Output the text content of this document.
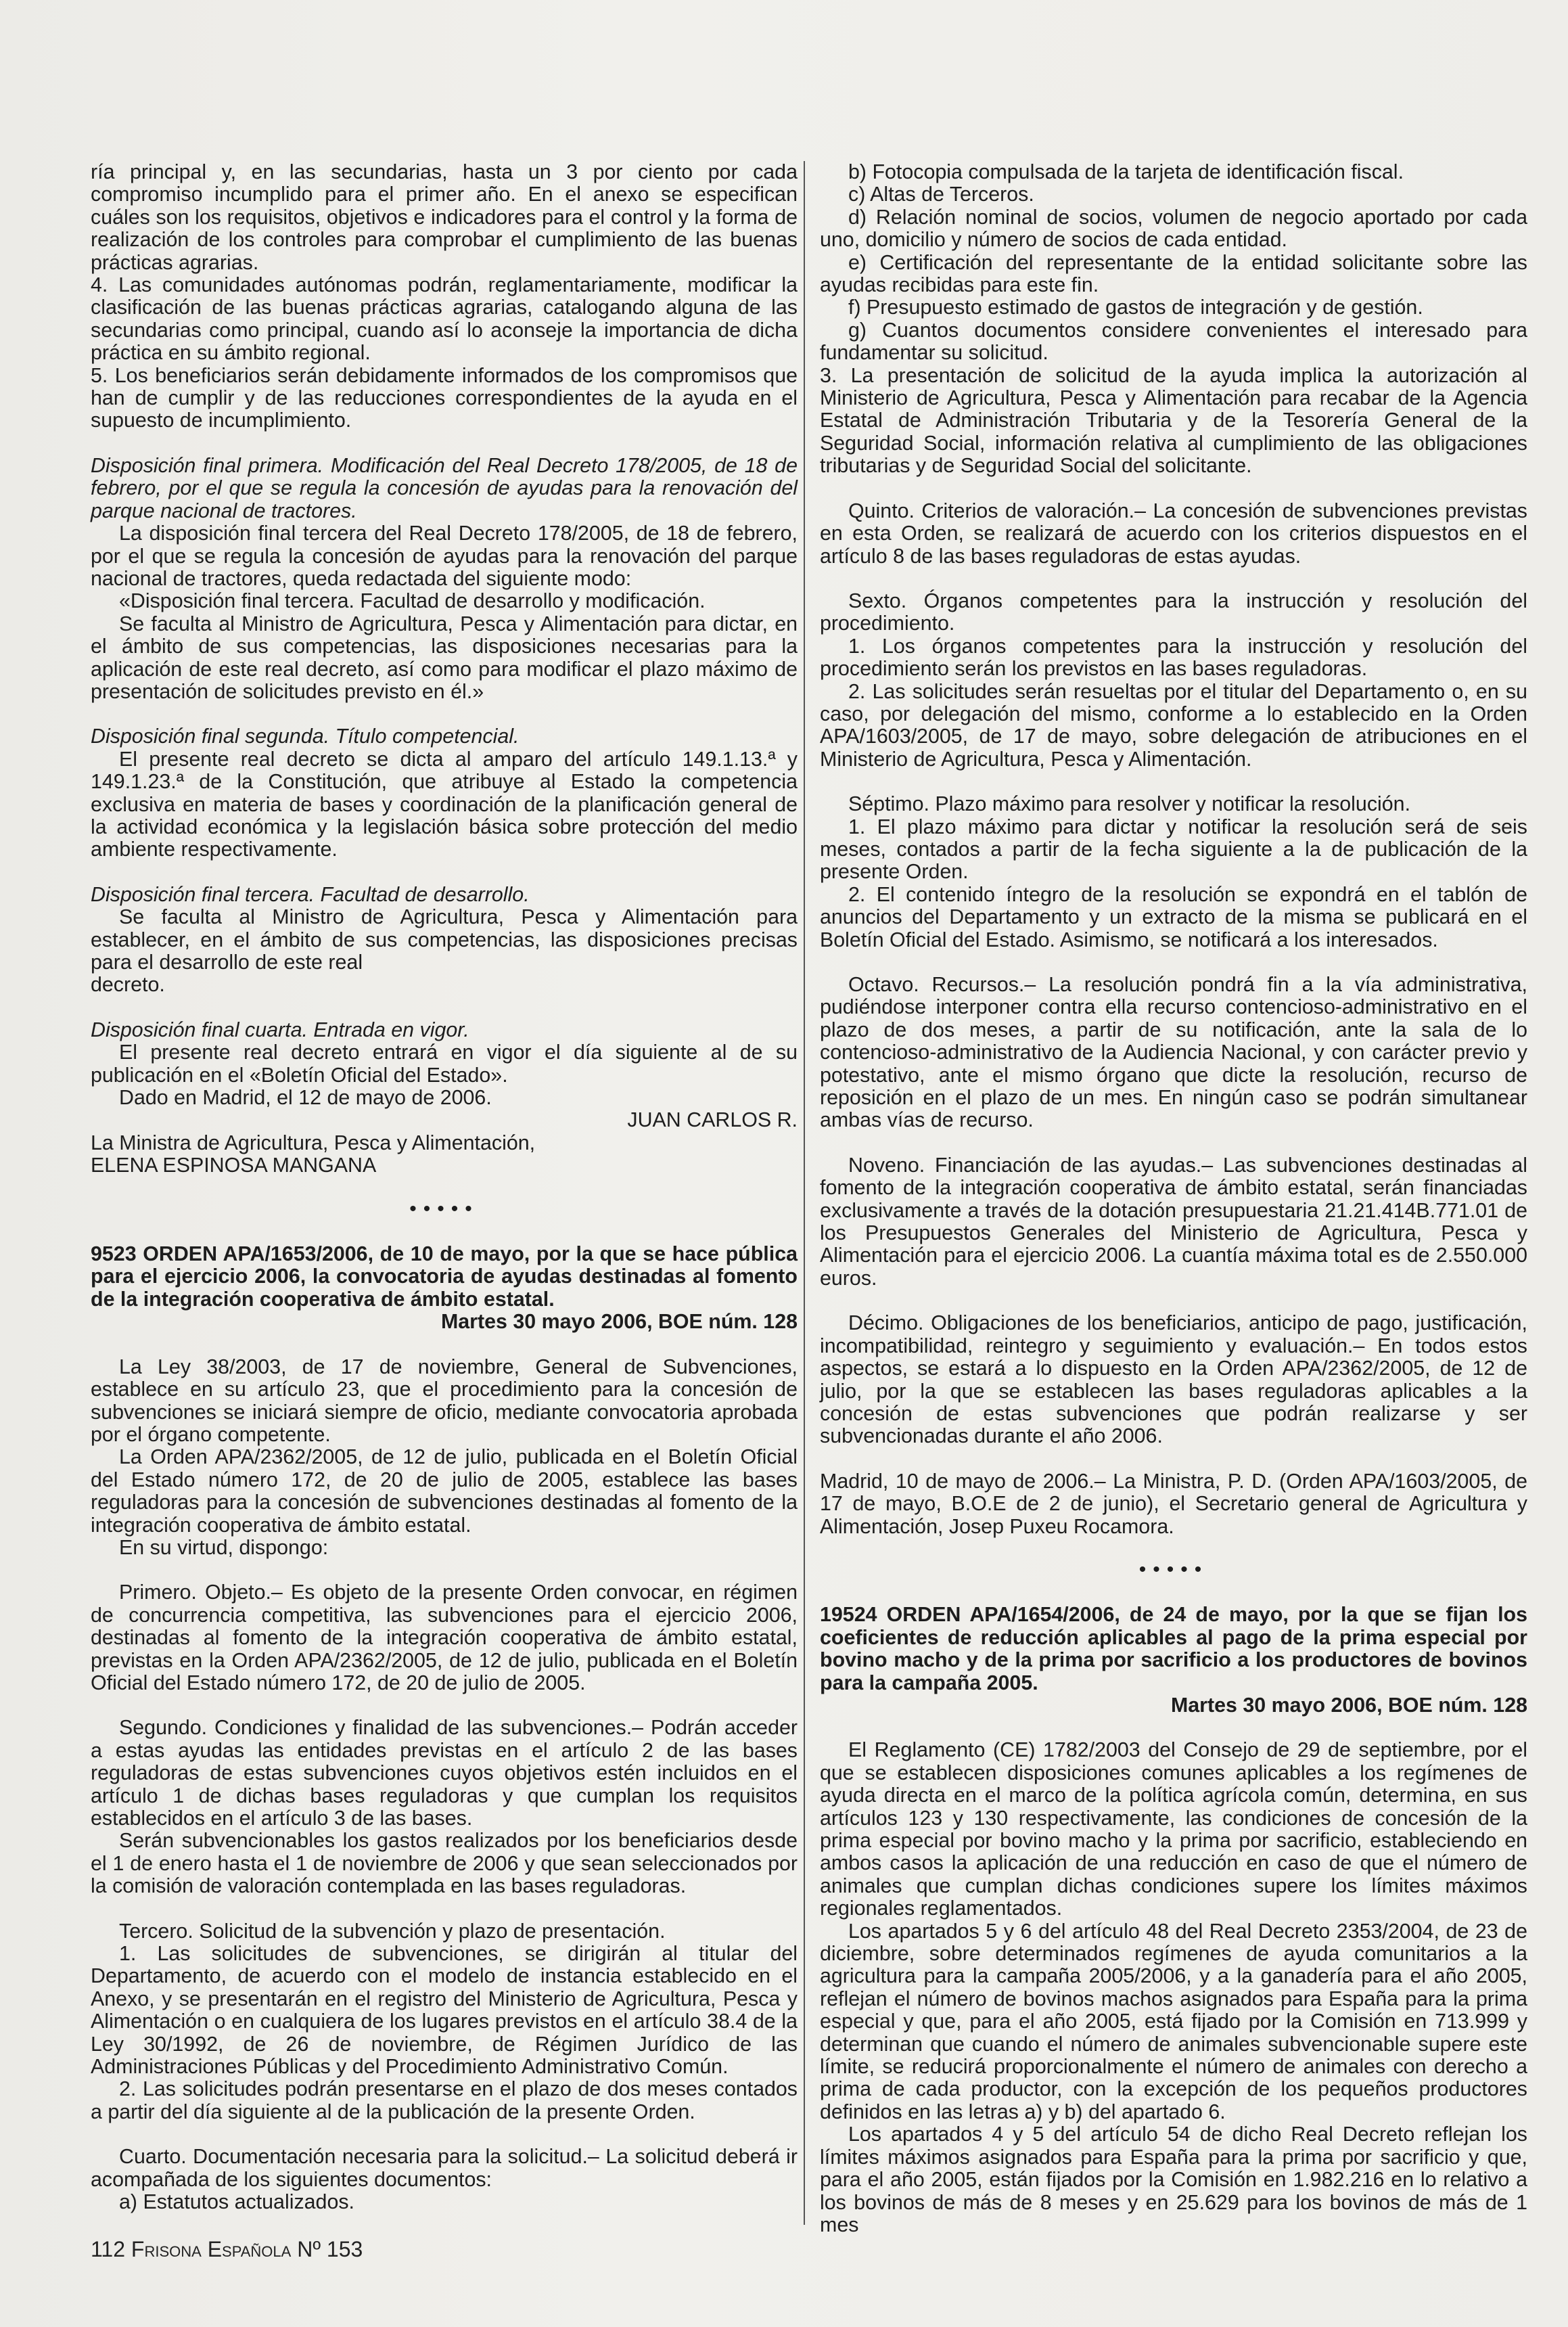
ría principal y, en las secundarias, hasta un 3 por ciento por cada compromiso incumplido para el primer año. En el anexo se especifican cuáles son los requisitos, objetivos e indicadores para el control y la forma de realización de los controles para comprobar el cumplimiento de las buenas prácticas agrarias.

4. Las comunidades autónomas podrán, reglamentariamente, modificar la clasificación de las buenas prácticas agrarias, catalogando alguna de las secundarias como principal, cuando así lo aconseje la importancia de dicha práctica en su ámbito regional.

5. Los beneficiarios serán debidamente informados de los compromisos que han de cumplir y de las reducciones correspondientes de la ayuda en el supuesto de incumplimiento.

Disposición final primera. Modificación del Real Decreto 178/2005, de 18 de febrero, por el que se regula la concesión de ayudas para la renovación del parque nacional de tractores.

La disposición final tercera del Real Decreto 178/2005, de 18 de febrero, por el que se regula la concesión de ayudas para la renovación del parque nacional de tractores, queda redactada del siguiente modo:

«Disposición final tercera. Facultad de desarrollo y modificación.

Se faculta al Ministro de Agricultura, Pesca y Alimentación para dictar, en el ámbito de sus competencias, las disposiciones necesarias para la aplicación de este real decreto, así como para modificar el plazo máximo de presentación de solicitudes previsto en él.»

Disposición final segunda. Título competencial.

El presente real decreto se dicta al amparo del artículo 149.1.13.ª y 149.1.23.ª de la Constitución, que atribuye al Estado la competencia exclusiva en materia de bases y coordinación de la planificación general de la actividad económica y la legislación básica sobre protección del medio ambiente respectivamente.

Disposición final tercera. Facultad de desarrollo.

Se faculta al Ministro de Agricultura, Pesca y Alimentación para establecer, en el ámbito de sus competencias, las disposiciones precisas para el desarrollo de este real

decreto.

Disposición final cuarta. Entrada en vigor.

El presente real decreto entrará en vigor el día siguiente al de su publicación en el «Boletín Oficial del Estado».

Dado en Madrid, el 12 de mayo de 2006.

JUAN CARLOS R.

La Ministra de Agricultura, Pesca y Alimentación,

ELENA ESPINOSA MANGANA

•••••

9523 ORDEN APA/1653/2006, de 10 de mayo, por la que se hace pública para el ejercicio 2006, la convocatoria de ayudas destinadas al fomento de la integración cooperativa de ámbito estatal.

Martes 30 mayo 2006, BOE núm. 128

La Ley 38/2003, de 17 de noviembre, General de Subvenciones, establece en su artículo 23, que el procedimiento para la concesión de subvenciones se iniciará siempre de oficio, mediante convocatoria aprobada por el órgano competente.

La Orden APA/2362/2005, de 12 de julio, publicada en el Boletín Oficial del Estado número 172, de 20 de julio de 2005, establece las bases reguladoras para la concesión de subvenciones destinadas al fomento de la integración cooperativa de ámbito estatal.

En su virtud, dispongo:

Primero. Objeto.– Es objeto de la presente Orden convocar, en régimen de concurrencia competitiva, las subvenciones para el ejercicio 2006, destinadas al fomento de la integración cooperativa de ámbito estatal, previstas en la Orden APA/2362/2005, de 12 de julio, publicada en el Boletín Oficial del Estado número 172, de 20 de julio de 2005.

Segundo. Condiciones y finalidad de las subvenciones.– Podrán acceder a estas ayudas las entidades previstas en el artículo 2 de las bases reguladoras de estas subvenciones cuyos objetivos estén incluidos en el artículo 1 de dichas bases reguladoras y que cumplan los requisitos establecidos en el artículo 3 de las bases.

Serán subvencionables los gastos realizados por los beneficiarios desde el 1 de enero hasta el 1 de noviembre de 2006 y que sean seleccionados por la comisión de valoración contemplada en las bases reguladoras.

Tercero. Solicitud de la subvención y plazo de presentación.

1. Las solicitudes de subvenciones, se dirigirán al titular del Departamento, de acuerdo con el modelo de instancia establecido en el Anexo, y se presentarán en el registro del Ministerio de Agricultura, Pesca y Alimentación o en cualquiera de los lugares previstos en el artículo 38.4 de la Ley 30/1992, de 26 de noviembre, de Régimen Jurídico de las Administraciones Públicas y del Procedimiento Administrativo Común.

2. Las solicitudes podrán presentarse en el plazo de dos meses contados a partir del día siguiente al de la publicación de la presente Orden.

Cuarto. Documentación necesaria para la solicitud.– La solicitud deberá ir acompañada de los siguientes documentos:

a) Estatutos actualizados.

b) Fotocopia compulsada de la tarjeta de identificación fiscal.

c) Altas de Terceros.

d) Relación nominal de socios, volumen de negocio aportado por cada uno, domicilio y número de socios de cada entidad.

e) Certificación del representante de la entidad solicitante sobre las ayudas recibidas para este fin.

f) Presupuesto estimado de gastos de integración y de gestión.

g) Cuantos documentos considere convenientes el interesado para fundamentar su solicitud.

3. La presentación de solicitud de la ayuda implica la autorización al Ministerio de Agricultura, Pesca y Alimentación para recabar de la Agencia Estatal de Administración Tributaria y de la Tesorería General de la Seguridad Social, información relativa al cumplimiento de las obligaciones tributarias y de Seguridad Social del solicitante.

Quinto. Criterios de valoración.– La concesión de subvenciones previstas en esta Orden, se realizará de acuerdo con los criterios dispuestos en el artículo 8 de las bases reguladoras de estas ayudas.

Sexto. Órganos competentes para la instrucción y resolución del procedimiento.

1. Los órganos competentes para la instrucción y resolución del procedimiento serán los previstos en las bases reguladoras.

2. Las solicitudes serán resueltas por el titular del Departamento o, en su caso, por delegación del mismo, conforme a lo establecido en la Orden APA/1603/2005, de 17 de mayo, sobre delegación de atribuciones en el Ministerio de Agricultura, Pesca y Alimentación.

Séptimo. Plazo máximo para resolver y notificar la resolución.

1. El plazo máximo para dictar y notificar la resolución será de seis meses, contados a partir de la fecha siguiente a la de publicación de la presente Orden.

2. El contenido íntegro de la resolución se expondrá en el tablón de anuncios del Departamento y un extracto de la misma se publicará en el Boletín Oficial del Estado. Asimismo, se notificará a los interesados.

Octavo. Recursos.– La resolución pondrá fin a la vía administrativa, pudiéndose interponer contra ella recurso contencioso-administrativo en el plazo de dos meses, a partir de su notificación, ante la sala de lo contencioso-administrativo de la Audiencia Nacional, y con carácter previo y potestativo, ante el mismo órgano que dicte la resolución, recurso de reposición en el plazo de un mes. En ningún caso se podrán simultanear ambas vías de recurso.

Noveno. Financiación de las ayudas.– Las subvenciones destinadas al fomento de la integración cooperativa de ámbito estatal, serán financiadas exclusivamente a través de la dotación presupuestaria 21.21.414B.771.01 de los Presupuestos Generales del Ministerio de Agricultura, Pesca y Alimentación para el ejercicio 2006. La cuantía máxima total es de 2.550.000 euros.

Décimo. Obligaciones de los beneficiarios, anticipo de pago, justificación, incompatibilidad, reintegro y seguimiento y evaluación.– En todos estos aspectos, se estará a lo dispuesto en la Orden APA/2362/2005, de 12 de julio, por la que se establecen las bases reguladoras aplicables a la concesión de estas subvenciones que podrán realizarse y ser subvencionadas durante el año 2006.

Madrid, 10 de mayo de 2006.– La Ministra, P. D. (Orden APA/1603/2005, de 17 de mayo, B.O.E de 2 de junio), el Secretario general de Agricultura y Alimentación, Josep Puxeu Rocamora.

•••••

19524 ORDEN APA/1654/2006, de 24 de mayo, por la que se fijan los coeficientes de reducción aplicables al pago de la prima especial por bovino macho y de la prima por sacrificio a los productores de bovinos para la campaña 2005.

Martes 30 mayo 2006, BOE núm. 128

El Reglamento (CE) 1782/2003 del Consejo de 29 de septiembre, por el que se establecen disposiciones comunes aplicables a los regímenes de ayuda directa en el marco de la política agrícola común, determina, en sus artículos 123 y 130 respectivamente, las condiciones de concesión de la prima especial por bovino macho y la prima por sacrificio, estableciendo en ambos casos la aplicación de una reducción en caso de que el número de animales que cumplan dichas condiciones supere los límites máximos regionales reglamentados.

Los apartados 5 y 6 del artículo 48 del Real Decreto 2353/2004, de 23 de diciembre, sobre determinados regímenes de ayuda comunitarios a la agricultura para la campaña 2005/2006, y a la ganadería para el año 2005, reflejan el número de bovinos machos asignados para España para la prima especial y que, para el año 2005, está fijado por la Comisión en 713.999 y determinan que cuando el número de animales subvencionable supere este límite, se reducirá proporcionalmente el número de animales con derecho a prima de cada productor, con la excepción de los pequeños productores definidos en las letras a) y b) del apartado 6.

Los apartados 4 y 5 del artículo 54 de dicho Real Decreto reflejan los límites máximos asignados para España para la prima por sacrificio y que, para el año 2005, están fijados por la Comisión en 1.982.216 en lo relativo a los bovinos de más de 8 meses y en 25.629 para los bovinos de más de 1 mes

112 Frisona Española Nº 153
